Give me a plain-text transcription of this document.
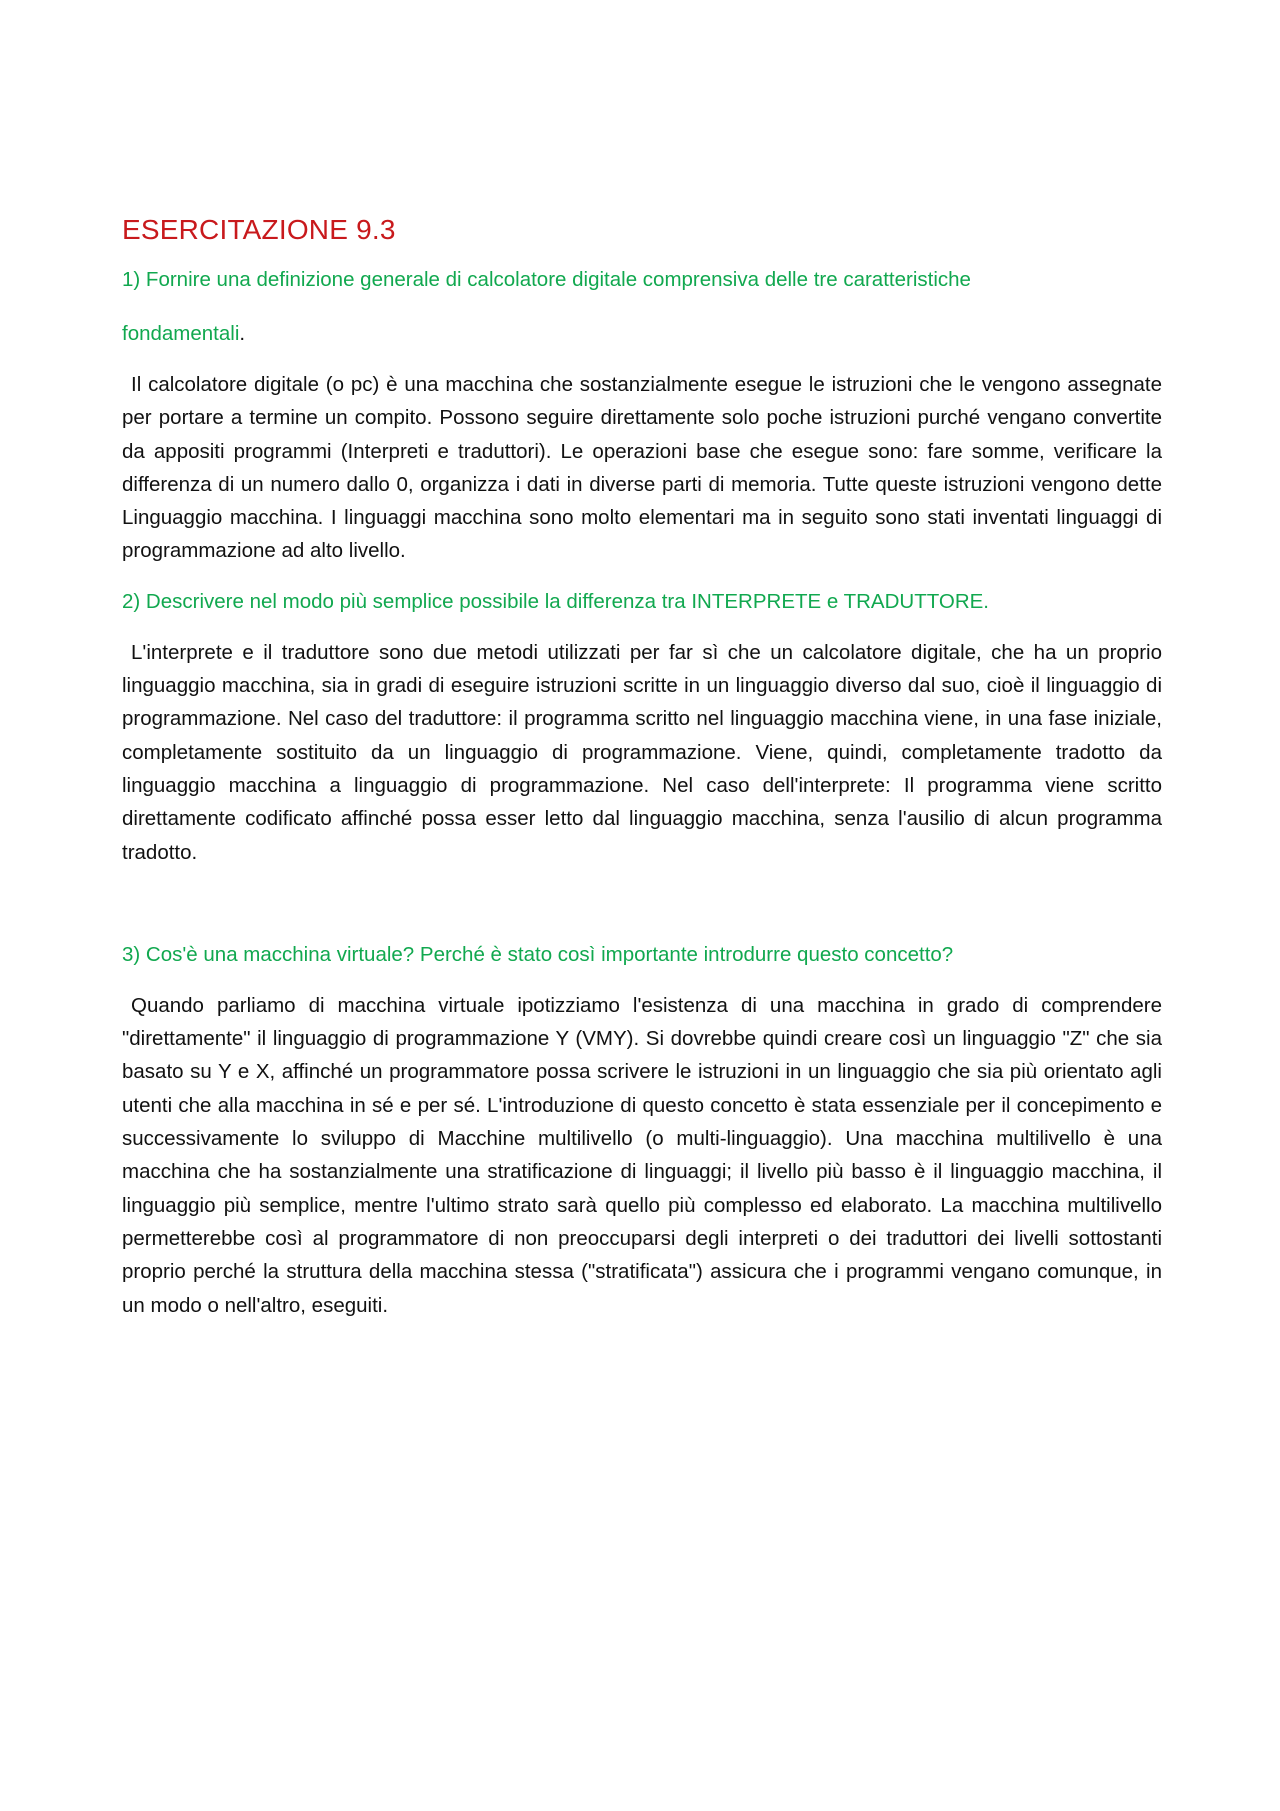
ESERCITAZIONE 9.3

1) Fornire una definizione generale di calcolatore digitale comprensiva delle tre caratteristiche

fondamentali.

Il calcolatore digitale (o pc) è una macchina che sostanzialmente esegue le istruzioni che le vengono assegnate per portare a termine un compito. Possono seguire direttamente solo poche istruzioni purché vengano convertite da appositi programmi (Interpreti e traduttori). Le operazioni base che esegue sono: fare somme, verificare la differenza di un numero dallo 0, organizza i dati in diverse parti di memoria. Tutte queste istruzioni vengono dette Linguaggio macchina. I linguaggi macchina sono molto elementari ma in seguito sono stati inventati linguaggi di programmazione ad alto livello.

2) Descrivere nel modo più semplice possibile la differenza tra INTERPRETE e TRADUTTORE.

L'interprete e il traduttore sono due metodi utilizzati per far sì che un calcolatore digitale, che ha un proprio linguaggio macchina, sia in gradi di eseguire istruzioni scritte in un linguaggio diverso dal suo, cioè il linguaggio di programmazione. Nel caso del traduttore: il programma scritto nel linguaggio macchina viene, in una fase iniziale, completamente sostituito da un linguaggio di programmazione. Viene, quindi, completamente tradotto da linguaggio macchina a linguaggio di programmazione. Nel caso dell'interprete: Il programma viene scritto direttamente codificato affinché possa esser letto dal linguaggio macchina, senza l'ausilio di alcun programma tradotto.

3) Cos'è una macchina virtuale? Perché è stato così importante introdurre questo concetto?

Quando parliamo di macchina virtuale ipotizziamo l'esistenza di una macchina in grado di comprendere "direttamente" il linguaggio di programmazione Y (VMY). Si dovrebbe quindi creare così un linguaggio "Z" che sia basato su Y e X, affinché un programmatore possa scrivere le istruzioni in un linguaggio che sia più orientato agli utenti che alla macchina in sé e per sé. L'introduzione di questo concetto è stata essenziale per il concepimento e successivamente lo sviluppo di Macchine multilivello (o multi-linguaggio). Una macchina multilivello è una macchina che ha sostanzialmente una stratificazione di linguaggi; il livello più basso è il linguaggio macchina, il linguaggio più semplice, mentre l'ultimo strato sarà quello più complesso ed elaborato. La macchina multilivello permetterebbe così al programmatore di non preoccuparsi degli interpreti o dei traduttori dei livelli sottostanti proprio perché la struttura della macchina stessa ("stratificata") assicura che i programmi vengano comunque, in un modo o nell'altro, eseguiti.
